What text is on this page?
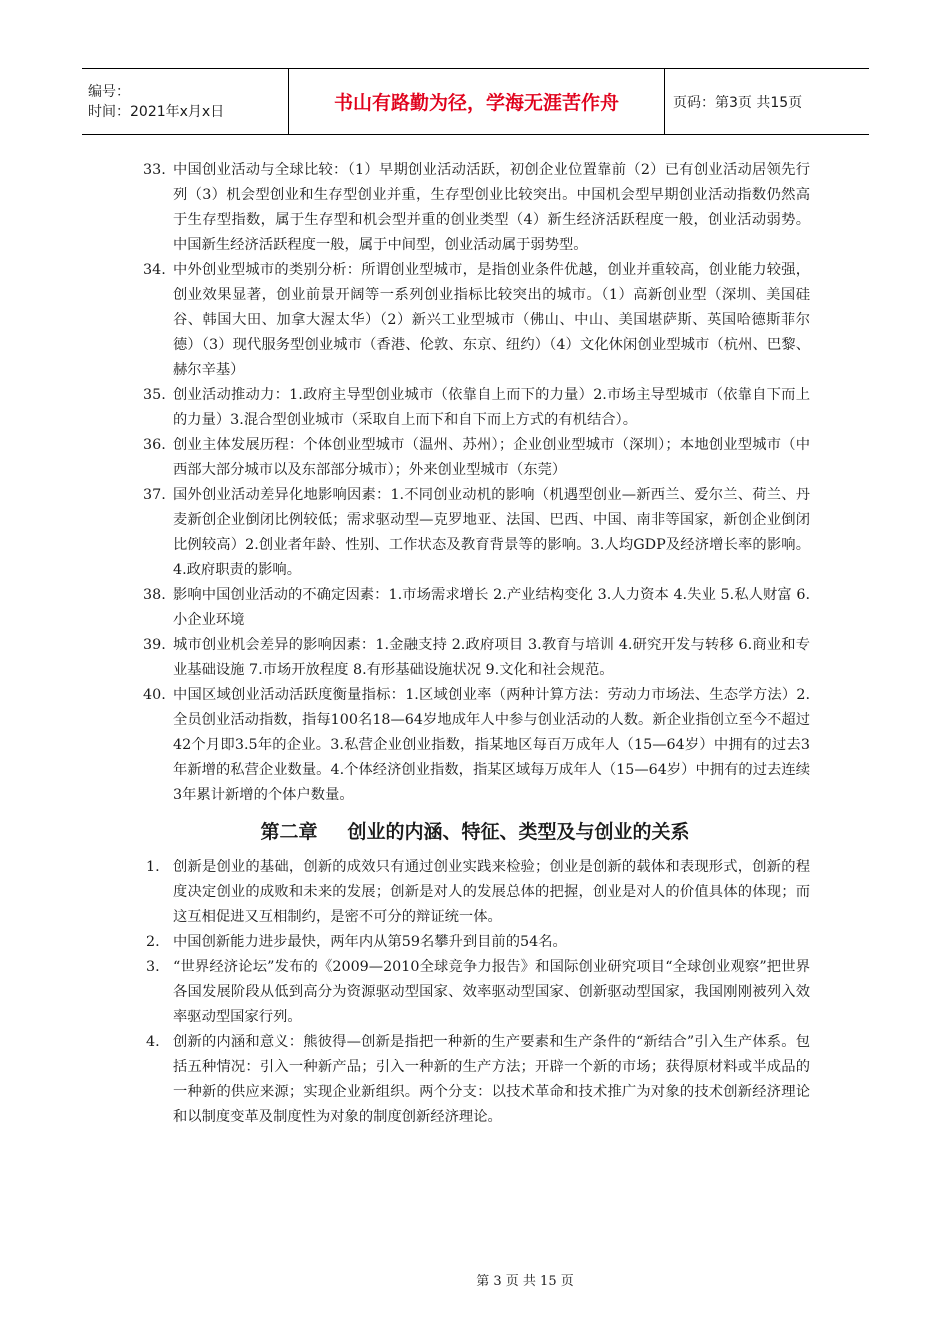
编号：
时间：2021年x月x日	书山有路勤为径，学海无涯苦作舟	页码：第3页 共15页
33. 中国创业活动与全球比较：（1）早期创业活动活跃，初创企业位置靠前（2）已有创业活动居领先行列（3）机会型创业和生存型创业并重，生存型创业比较突出。中国机会型早期创业活动指数仍然高于生存型指数，属于生存型和机会型并重的创业类型（4）新生经济活跃程度一般，创业活动弱势。中国新生经济活跃程度一般，属于中间型，创业活动属于弱势型。
34. 中外创业型城市的类别分析：所谓创业型城市，是指创业条件优越，创业并重较高，创业能力较强，创业效果显著，创业前景开阔等一系列创业指标比较突出的城市。（1）高新创业型（深圳、美国硅谷、韩国大田、加拿大渥太华）（2）新兴工业型城市（佛山、中山、美国堪萨斯、英国哈德斯菲尔德）（3）现代服务型创业城市（香港、伦敦、东京、纽约）（4）文化休闲创业型城市（杭州、巴黎、赫尔辛基）
35. 创业活动推动力：1.政府主导型创业城市（依靠自上而下的力量）2.市场主导型城市（依靠自下而上的力量）3.混合型创业城市（采取自上而下和自下而上方式的有机结合）。
36. 创业主体发展历程：个体创业型城市（温州、苏州）；企业创业型城市（深圳）；本地创业型城市（中西部大部分城市以及东部部分城市）；外来创业型城市（东莞）
37. 国外创业活动差异化地影响因素：1.不同创业动机的影响（机遇型创业—新西兰、爱尔兰、荷兰、丹麦新创企业倒闭比例较低；需求驱动型—克罗地亚、法国、巴西、中国、南非等国家，新创企业倒闭比例较高）2.创业者年龄、性别、工作状态及教育背景等的影响。3.人均GDP及经济增长率的影响。4.政府职责的影响。
38. 影响中国创业活动的不确定因素：1.市场需求增长 2.产业结构变化 3.人力资本 4.失业 5.私人财富 6.小企业环境
39. 城市创业机会差异的影响因素：1.金融支持 2.政府项目 3.教育与培训 4.研究开发与转移 6.商业和专业基础设施 7.市场开放程度 8.有形基础设施状况 9.文化和社会规范。
40. 中国区域创业活动活跃度衡量指标：1.区域创业率（两种计算方法：劳动力市场法、生态学方法）2.全员创业活动指数，指每100名18—64岁地成年人中参与创业活动的人数。新企业指创立至今不超过42个月即3.5年的企业。3.私营企业创业指数，指某地区每百万成年人（15—64岁）中拥有的过去3年新增的私营企业数量。4.个体经济创业指数，指某区域每万成年人（15—64岁）中拥有的过去连续3年累计新增的个体户数量。
第二章 创业的内涵、特征、类型及与创业的关系
1. 创新是创业的基础，创新的成效只有通过创业实践来检验；创业是创新的载体和表现形式，创新的程度决定创业的成败和未来的发展；创新是对人的发展总体的把握，创业是对人的价值具体的体现；而这互相促进又互相制约，是密不可分的辩证统一体。
2. 中国创新能力进步最快，两年内从第59名攀升到目前的54名。
3. “世界经济论坛”发布的《2009—2010全球竞争力报告》和国际创业研究项目“全球创业观察”把世界各国发展阶段从低到高分为资源驱动型国家、效率驱动型国家、创新驱动型国家，我国刚刚被列入效率驱动型国家行列。
4. 创新的内涵和意义：熊彼得—创新是指把一种新的生产要素和生产条件的“新结合”引入生产体系。包括五种情况：引入一种新产品；引入一种新的生产方法；开辟一个新的市场；获得原材料或半成品的一种新的供应来源；实现企业新组织。两个分支：以技术革命和技术推广为对象的技术创新经济理论和以制度变革及制度性为对象的制度创新经济理论。
第 3 页 共 15 页
